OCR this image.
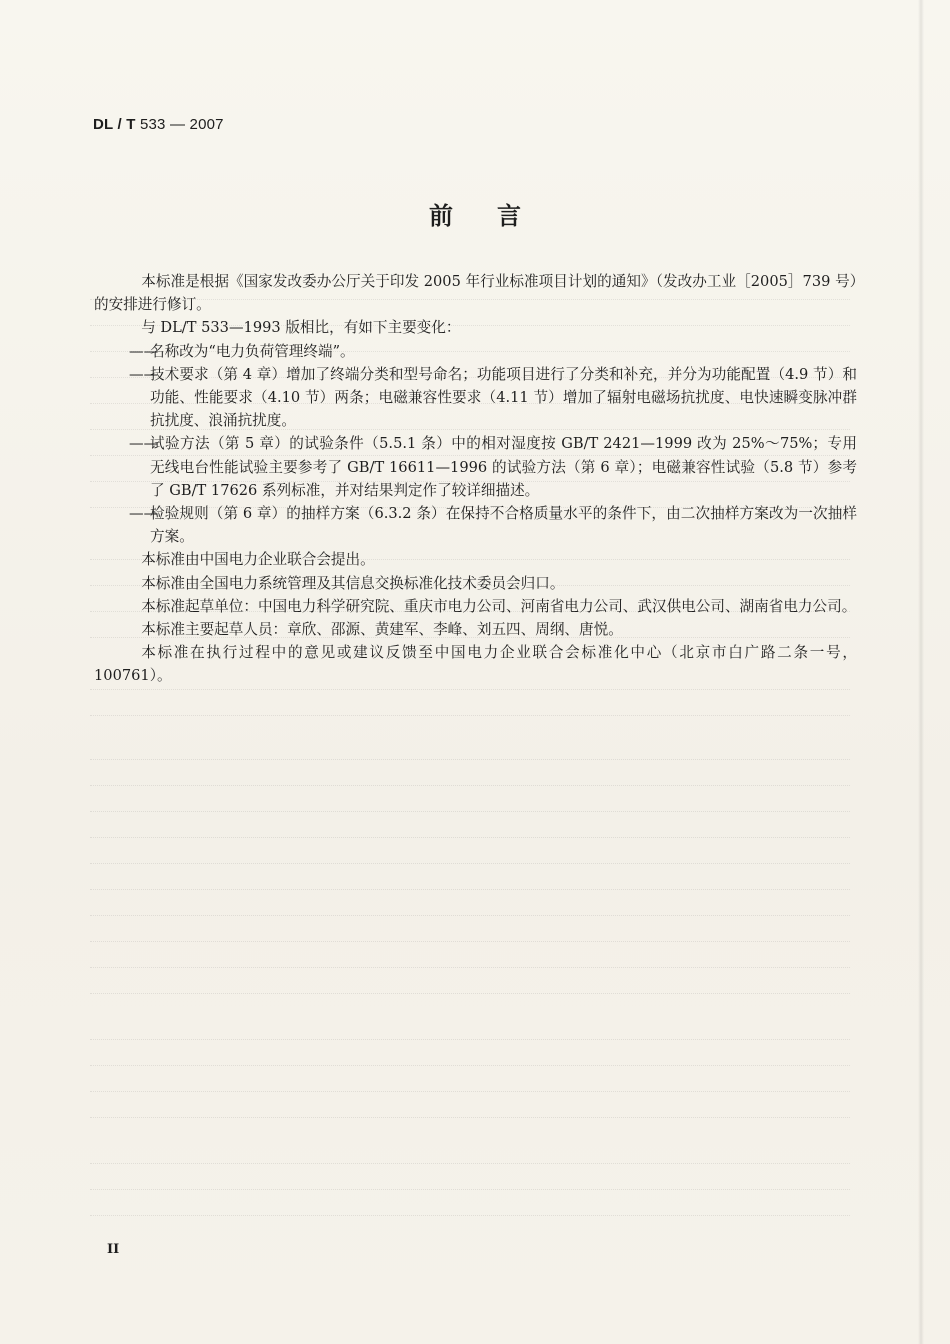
DL / T 533 — 2007
前言

本标准是根据《国家发改委办公厅关于印发 2005 年行业标准项目计划的通知》（发改办工业［2005］739 号）的安排进行修订。

与 DL/T 533—1993 版相比，有如下主要变化：

——
名称改为“电力负荷管理终端”。

——
技术要求（第 4 章）增加了终端分类和型号命名；功能项目进行了分类和补充，并分为功能配置（4.9 节）和功能、性能要求（4.10 节）两条；电磁兼容性要求（4.11 节）增加了辐射电磁场抗扰度、电快速瞬变脉冲群抗扰度、浪涌抗扰度。

——
试验方法（第 5 章）的试验条件（5.5.1 条）中的相对湿度按 GB/T 2421—1999 改为 25%～75%；专用无线电台性能试验主要参考了 GB/T 16611—1996 的试验方法（第 6 章）；电磁兼容性试验（5.8 节）参考了 GB/T 17626 系列标准，并对结果判定作了较详细描述。

——
检验规则（第 6 章）的抽样方案（6.3.2 条）在保持不合格质量水平的条件下，由二次抽样方案改为一次抽样方案。

本标准由中国电力企业联合会提出。

本标准由全国电力系统管理及其信息交换标准化技术委员会归口。

本标准起草单位：中国电力科学研究院、重庆市电力公司、河南省电力公司、武汉供电公司、湖南省电力公司。

本标准主要起草人员：章欣、邵源、黄建军、李峰、刘五四、周纲、唐悦。

本标准在执行过程中的意见或建议反馈至中国电力企业联合会标准化中心（北京市白广路二条一号，100761）。

II
